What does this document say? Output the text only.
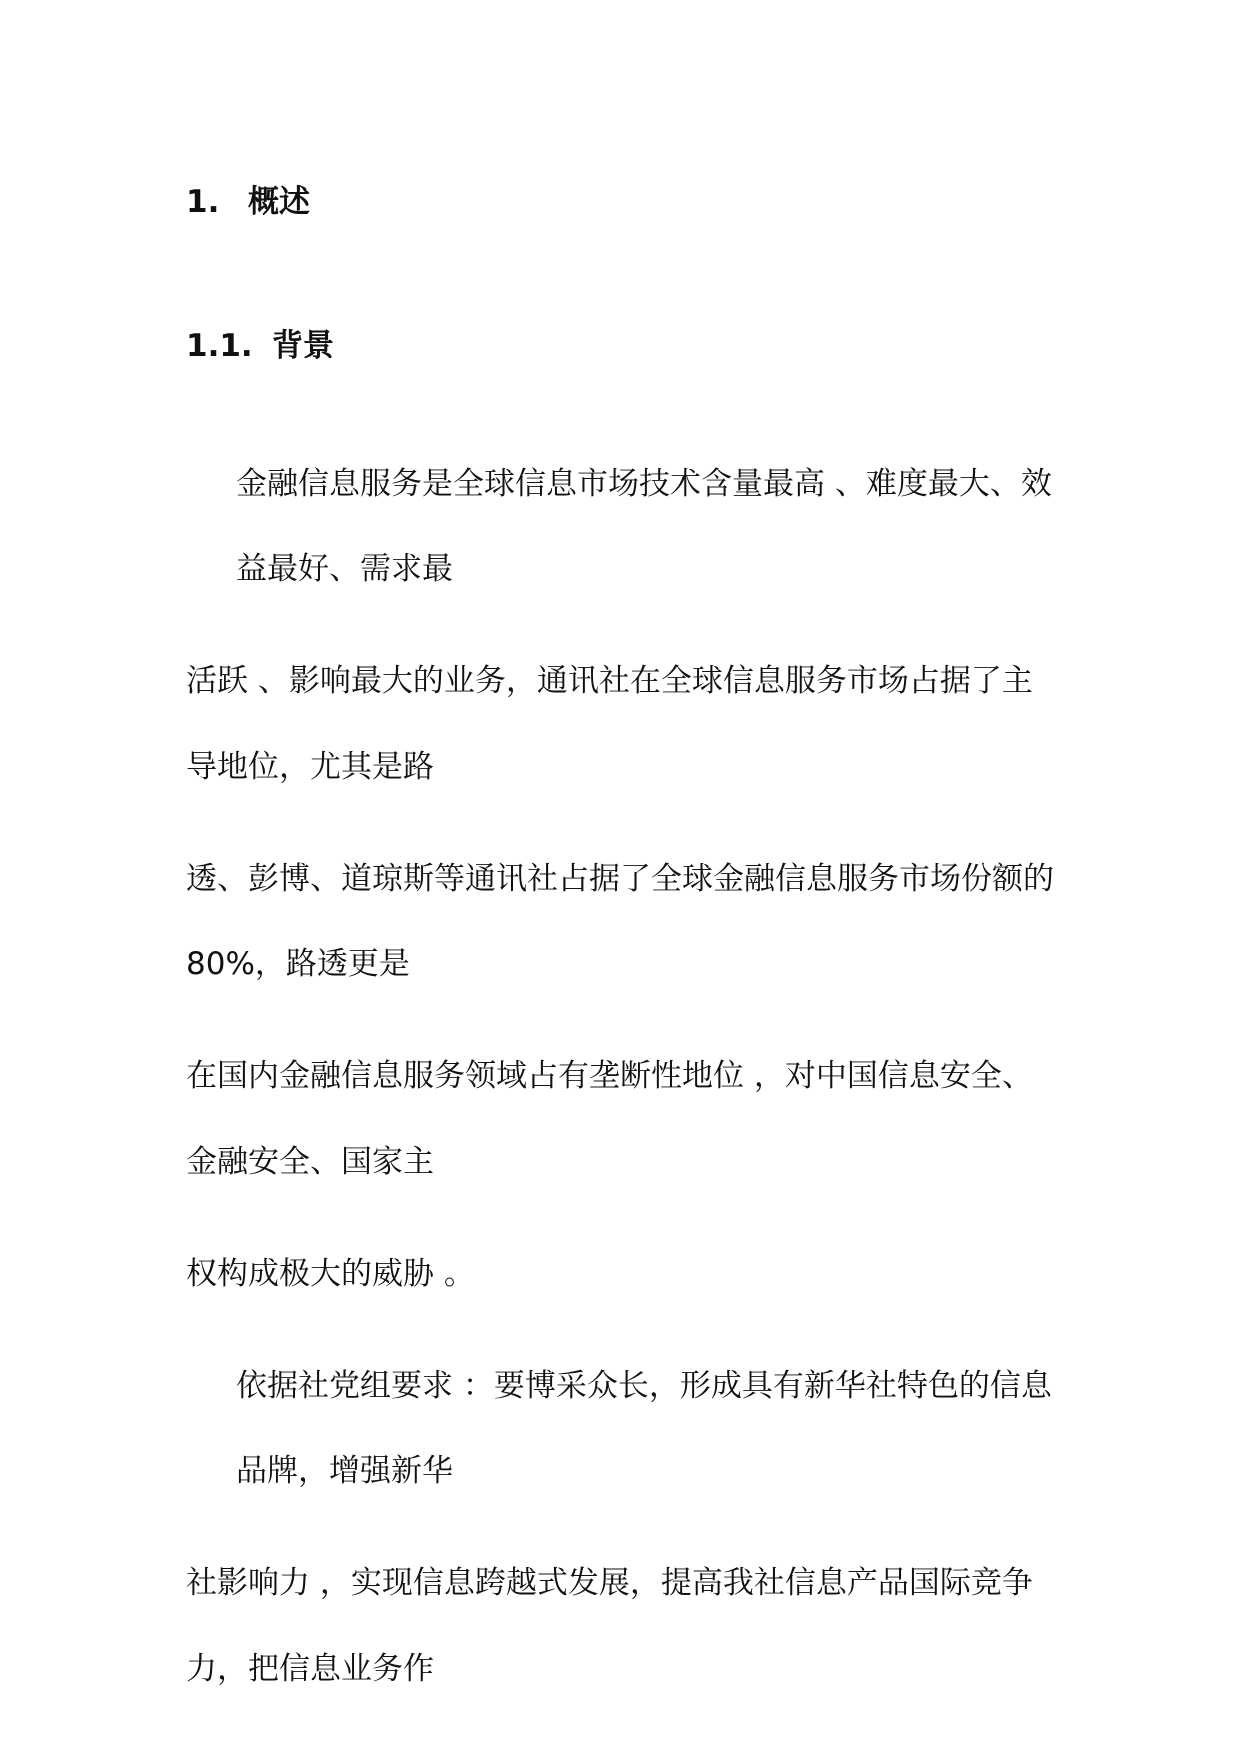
1. 概述
1.1. 背景
金融信息服务是全球信息市场技术含量最高 、难度最大、效
益最好、需求最
活跃 、影响最大的业务，通讯社在全球信息服务市场占据了主
导地位，尤其是路
透、彭博、道琼斯等通讯社占据了全球金融信息服务市场份额的
80%，路透更是
在国内金融信息服务领域占有垄断性地位 ，对中国信息安全、
金融安全、国家主
权构成极大的威胁 。
依据社党组要求 ：要博采众长，形成具有新华社特色的信息
品牌，增强新华
社影响力 ，实现信息跨越式发展，提高我社信息产品国际竞争
力，把信息业务作
